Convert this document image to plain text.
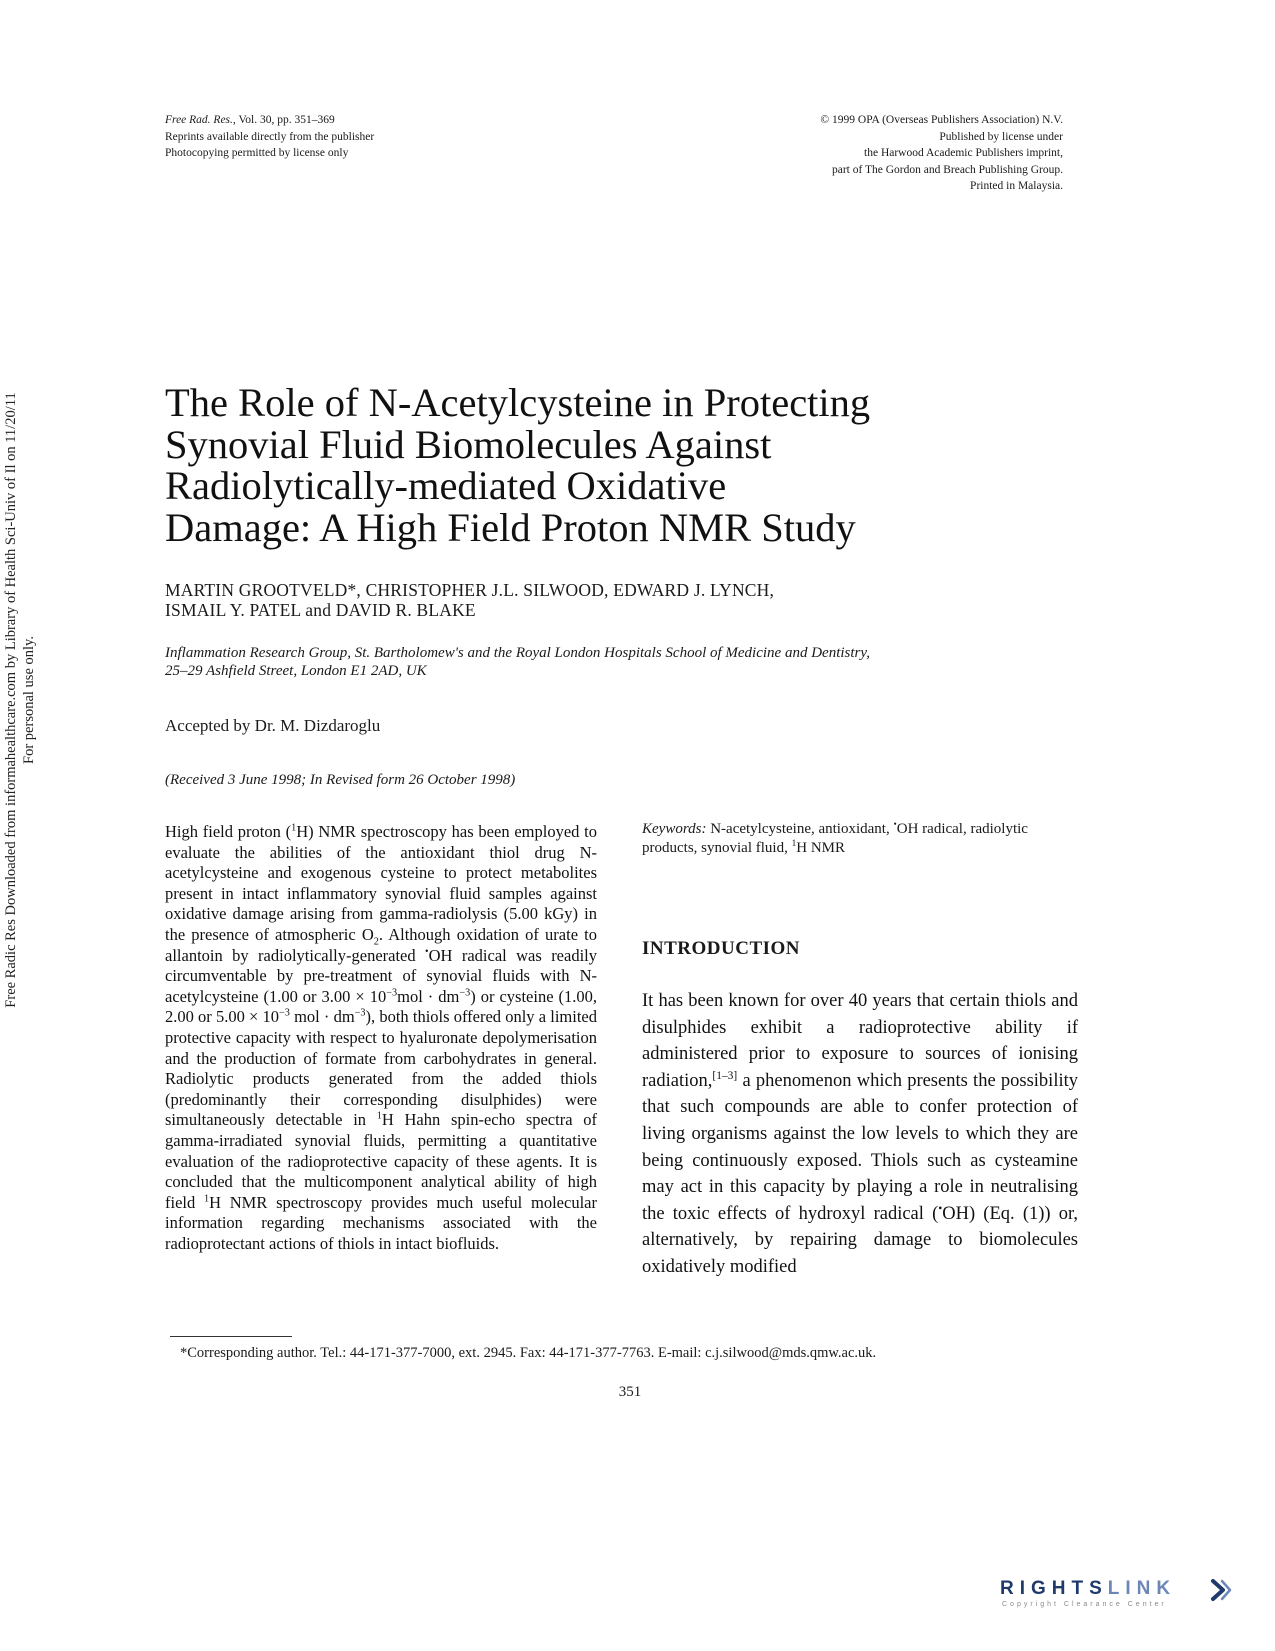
Free Rad. Res., Vol. 30, pp. 351–369
Reprints available directly from the publisher
Photocopying permitted by license only
© 1999 OPA (Overseas Publishers Association) N.V.
Published by license under
the Harwood Academic Publishers imprint,
part of The Gordon and Breach Publishing Group.
Printed in Malaysia.
Free Radic Res Downloaded from informahealthcare.com by Library of Health Sci-Univ of Il on 11/20/11 For personal use only.
The Role of N-Acetylcysteine in Protecting
Synovial Fluid Biomolecules Against
Radiolytically-mediated Oxidative
Damage: A High Field Proton NMR Study
MARTIN GROOTVELD*, CHRISTOPHER J.L. SILWOOD, EDWARD J. LYNCH,
ISMAIL Y. PATEL and DAVID R. BLAKE
Inflammation Research Group, St. Bartholomew's and the Royal London Hospitals School of Medicine and Dentistry,
25–29 Ashfield Street, London E1 2AD, UK
Accepted by Dr. M. Dizdaroglu
(Received 3 June 1998; In Revised form 26 October 1998)
High field proton ($^1$H) NMR spectroscopy has been employed to evaluate the abilities of the antioxidant thiol drug N-acetylcysteine and exogenous cysteine to protect metabolites present in intact inflammatory synovial fluid samples against oxidative damage arising from gamma-radiolysis (5.00 kGy) in the presence of atmospheric $O_2$. Although oxidation of urate to allantoin by radiolytically-generated •OH radical was readily circumventable by pre-treatment of synovial fluids with N-acetylcysteine (1.00 or $3.00 \times 10^{-3}mol \cdot dm^{-3}$) or cysteine (1.00, 2.00 or $5.00 \times 10^{-3}$ mol · $dm^{-3}$), both thiols offered only a limited protective capacity with respect to hyaluronate depolymerisation and the production of formate from carbohydrates in general. Radiolytic products generated from the added thiols (predominantly their corresponding disulphides) were simultaneously detectable in $^1$H Hahn spin-echo spectra of gamma-irradiated synovial fluids, permitting a quantitative evaluation of the radioprotective capacity of these agents. It is concluded that the multicomponent analytical ability of high field $^1$H NMR spectroscopy provides much useful molecular information regarding mechanisms associated with the radioprotectant actions of thiols in intact biofluids.
Keywords: N-acetylcysteine, antioxidant, •OH radical, radiolytic products, synovial fluid, $^1$H NMR
INTRODUCTION
It has been known for over 40 years that certain thiols and disulphides exhibit a radioprotective ability if administered prior to exposure to sources of ionising radiation,[1–3] a phenomenon which presents the possibility that such compounds are able to confer protection of living organisms against the low levels to which they are being continuously exposed. Thiols such as cysteamine may act in this capacity by playing a role in neutralising the toxic effects of hydroxyl radical (•OH) (Eq. (1)) or, alternatively, by repairing damage to biomolecules oxidatively modified
*Corresponding author. Tel.: 44-171-377-7000, ext. 2945. Fax: 44-171-377-7763. E-mail: c.j.silwood@mds.qmw.ac.uk.
351
RIGHTSLINK
Copyright Clearance Center
